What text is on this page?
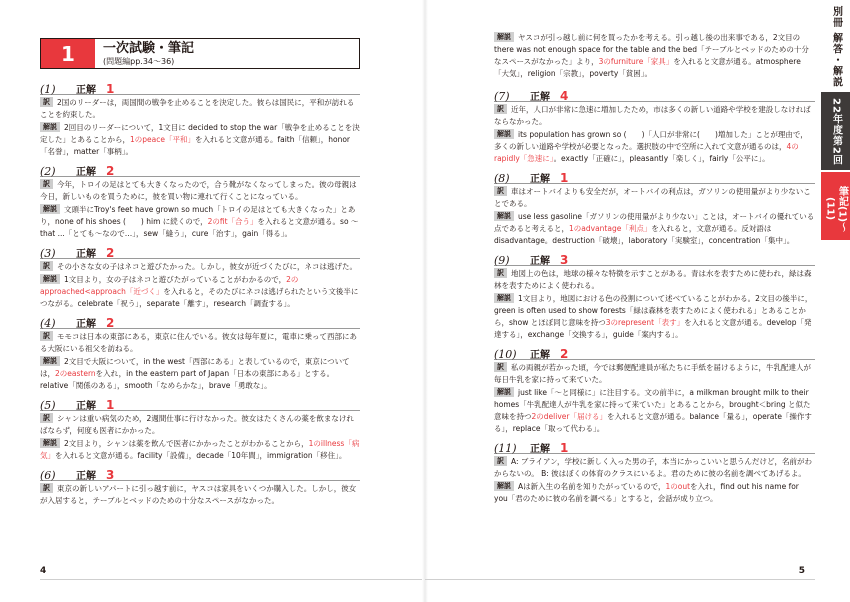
1	一次試験・筆記
(問題編pp.34〜36)
(1)	正解 1
訳 2国のリーダーは，両国間の戦争を止めることを決定した。彼らは国民に，平和が訪れることを約束した。
解説 2回目のリーダーについて，1文目に decided to stop the war「戦争を止めることを決定した」とあることから，1のpeace「平和」を入れると文意が通る。faith「信頼」，honor「名誉」，matter「事柄」。
(2)	正解 2
訳 今年，トロイの足はとても大きくなったので，合う靴がなくなってしまった。彼の母親は今日，新しいものを買うために，彼を買い物に連れて行くことになっている。
解説 文頭半にTroy's feet have grown so much「トロイの足はとても大きくなった」とあり，none of his shoes (　　) him に続くので，2のfit「合う」を入れると文意が通る。so 〜 that ...「とても〜なので…」，sew「縫う」，cure「治す」，gain「得る」。
(3)	正解 2
訳 その小さな女の子はネコと遊びたかった。しかし，彼女が近づくたびに，ネコは逃げた。
解説 1文目より，女の子はネコと遊びたがっていることがわかるので，2のapproached<approach「近づく」を入れると，そのたびにネコは逃げられたという文後半につながる。celebrate「祝う」，separate「離す」，research「調査する」。
(4)	正解 2
訳 モモコは日本の東部にある，東京に住んでいる。彼女は毎年夏に，電車に乗って西部にある大阪にいる祖父を訪ねる。
解説 2文目で大阪について，in the west「西部にある」と表しているので，東京については，2のeasternを入れ，in the eastern part of Japan「日本の東部にある」とする。relative「関係のある」，smooth「なめらかな」，brave「勇敢な」。
(5)	正解 1
訳 シャンは重い病気のため，2週間仕事に行けなかった。彼女はたくさんの薬を飲まなければならず，何度も医者にかかった。
解説 2文目より，シャンは薬を飲んで医者にかかったことがわかることから，1のillness「病気」を入れると文意が通る。facility「設備」，decade「10年間」，immigration「移住」。
(6)	正解 3
訳 東京の新しいアパートに引っ越す前に，ヤスコは家具をいくつか購入した。しかし，彼女が入居すると，テーブルとベッドのための十分なスペースがなかった。
4
解説 ヤスコが引っ越し前に何を買ったかを考える。引っ越し後の出来事である，2文目の there was not enough space for the table and the bed「テーブルとベッドのための十分なスペースがなかった」より，3のfurniture「家具」を入れると文意が通る。atmosphere「大気」，religion「宗教」，poverty「貧困」。
(7)	正解 4
訳 近年，人口が非常に急速に増加したため，市は多くの新しい道路や学校を建設しなければならなかった。
解説 its population has grown so (　　)「人口が非常に(　　)増加した」ことが理由で，多くの新しい道路や学校が必要となった。選択肢の中で空所に入れて文意が通るのは，4のrapidly「急速に」。exactly「正確に」，pleasantly「楽しく」，fairly「公平に」。
(8)	正解 1
訳 車はオートバイよりも安全だが，オートバイの利点は，ガソリンの使用量がより少ないことである。
解説 use less gasoline「ガソリンの使用量がより少ない」ことは，オートバイの優れている点であると考えると，1のadvantage「利点」を入れると，文意が通る。反対語は disadvantage。destruction「破壊」，laboratory「実験室」，concentration「集中」。
(9)	正解 3
訳 地図上の色は，地球の様々な特徴を示すことがある。青は水を表すために使われ，緑は森林を表すためによく使われる。
解説 1文目より，地図における色の役割について述べていることがわかる。2文目の後半に，green is often used to show forests「緑は森林を表すためによく使われる」とあることから，show とほぼ同じ意味を持つ3のrepresent「表す」を入れると文意が通る。develop「発達する」，exchange「交換する」，guide「案内する」。
(10)	正解 2
訳 私の両親が若かった頃，今では郵便配達員が私たちに手紙を届けるように，牛乳配達人が毎日牛乳を家に持って来ていた。
解説 just like「〜と同様に」に注目する。文の前半に，a milkman brought milk to their homes「牛乳配達人が牛乳を家に持って来ていた」とあることから，brought＜bring と似た意味を持つ2のdeliver「届ける」を入れると文意が通る。balance「量る」，operate「操作する」，replace「取って代わる」。
(11)	正解 1
訳 A: ブライアン，学校に新しく入った男の子，本当にかっこいいと思うんだけど，名前がわからないの。 B: 彼はぼくの体育のクラスにいるよ。君のために彼の名前を調べてあげるよ。
解説 Aは新入生の名前を知りたがっているので，1のoutを入れ，find out his name for you「君のために彼の名前を調べる」とすると，会話が成り立つ。
5
別冊 解答・解説
22年度第2回
筆記(1)〜(11)
